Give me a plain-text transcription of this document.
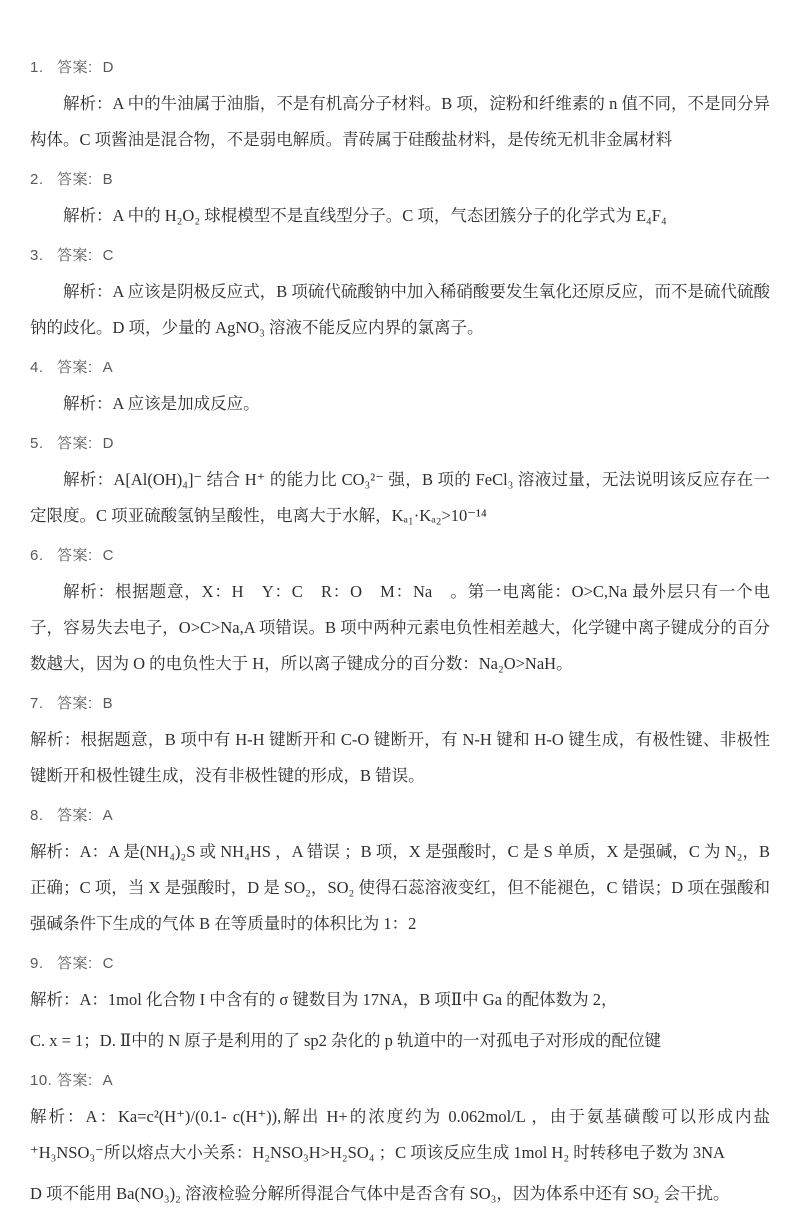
1. 答案: D

解析：A 中的牛油属于油脂，不是有机高分子材料。B 项，淀粉和纤维素的 n 值不同，不是同分异构体。C 项酱油是混合物，不是弱电解质。青砖属于硅酸盐材料，是传统无机非金属材料

2. 答案: B

解析：A 中的 H₂O₂ 球棍模型不是直线型分子。C 项，气态团簇分子的化学式为 E₄F₄

3. 答案: C

解析：A 应该是阴极反应式，B 项硫代硫酸钠中加入稀硝酸要发生氧化还原反应，而不是硫代硫酸钠的歧化。D 项，少量的 AgNO₃ 溶液不能反应内界的氯离子。

4. 答案: A

解析：A 应该是加成反应。

5. 答案: D

解析：A[Al(OH)₄]⁻ 结合 H⁺ 的能力比 CO₃²⁻ 强，B 项的 FeCl₃ 溶液过量，无法说明该反应存在一定限度。C 项亚硫酸氢钠呈酸性，电离大于水解，Kₐ₁·Kₐ₂>10⁻¹⁴

6. 答案: C

解析：根据题意，X：H　Y：C　R：O　M：Na　。第一电离能：O>C,Na 最外层只有一个电子，容易失去电子，O>C>Na,A 项错误。B 项中两种元素电负性相差越大，化学键中离子键成分的百分数越大，因为 O 的电负性大于 H，所以离子键成分的百分数：Na₂O>NaH。

7. 答案: B

解析：根据题意，B 项中有 H-H 键断开和 C-O 键断开，有 N-H 键和 H-O 键生成，有极性键、非极性键断开和极性键生成，没有非极性键的形成，B 错误。

8. 答案: A

解析：A：A 是(NH₄)₂S 或 NH₄HS ，A 错误 ；B 项，X 是强酸时，C 是 S 单质，X 是强碱，C 为 N₂，B 正确；C 项，当 X 是强酸时，D 是 SO₂，SO₂ 使得石蕊溶液变红，但不能褪色，C 错误；D 项在强酸和强碱条件下生成的气体 B 在等质量时的体积比为 1：2

9. 答案: C

解析：A：1mol 化合物 I 中含有的 σ 键数目为 17NA，B 项Ⅱ中 Ga 的配体数为 2，

C. x = 1；D. Ⅱ中的 N 原子是利用的了 sp2 杂化的 p 轨道中的一对孤电子对形成的配位键

10. 答案: A

解析：A：Ka=c²(H⁺)/(0.1- c(H⁺)),解出 H+的浓度约为 0.062mol/L ，由于氨基磺酸可以形成内盐⁺H₃NSO₃⁻所以熔点大小关系：H₂NSO₃H>H₂SO₄ ；C 项该反应生成 1mol H₂ 时转移电子数为 3NA

D 项不能用 Ba(NO₃)₂ 溶液检验分解所得混合气体中是否含有 SO₃，因为体系中还有 SO₂ 会干扰。
